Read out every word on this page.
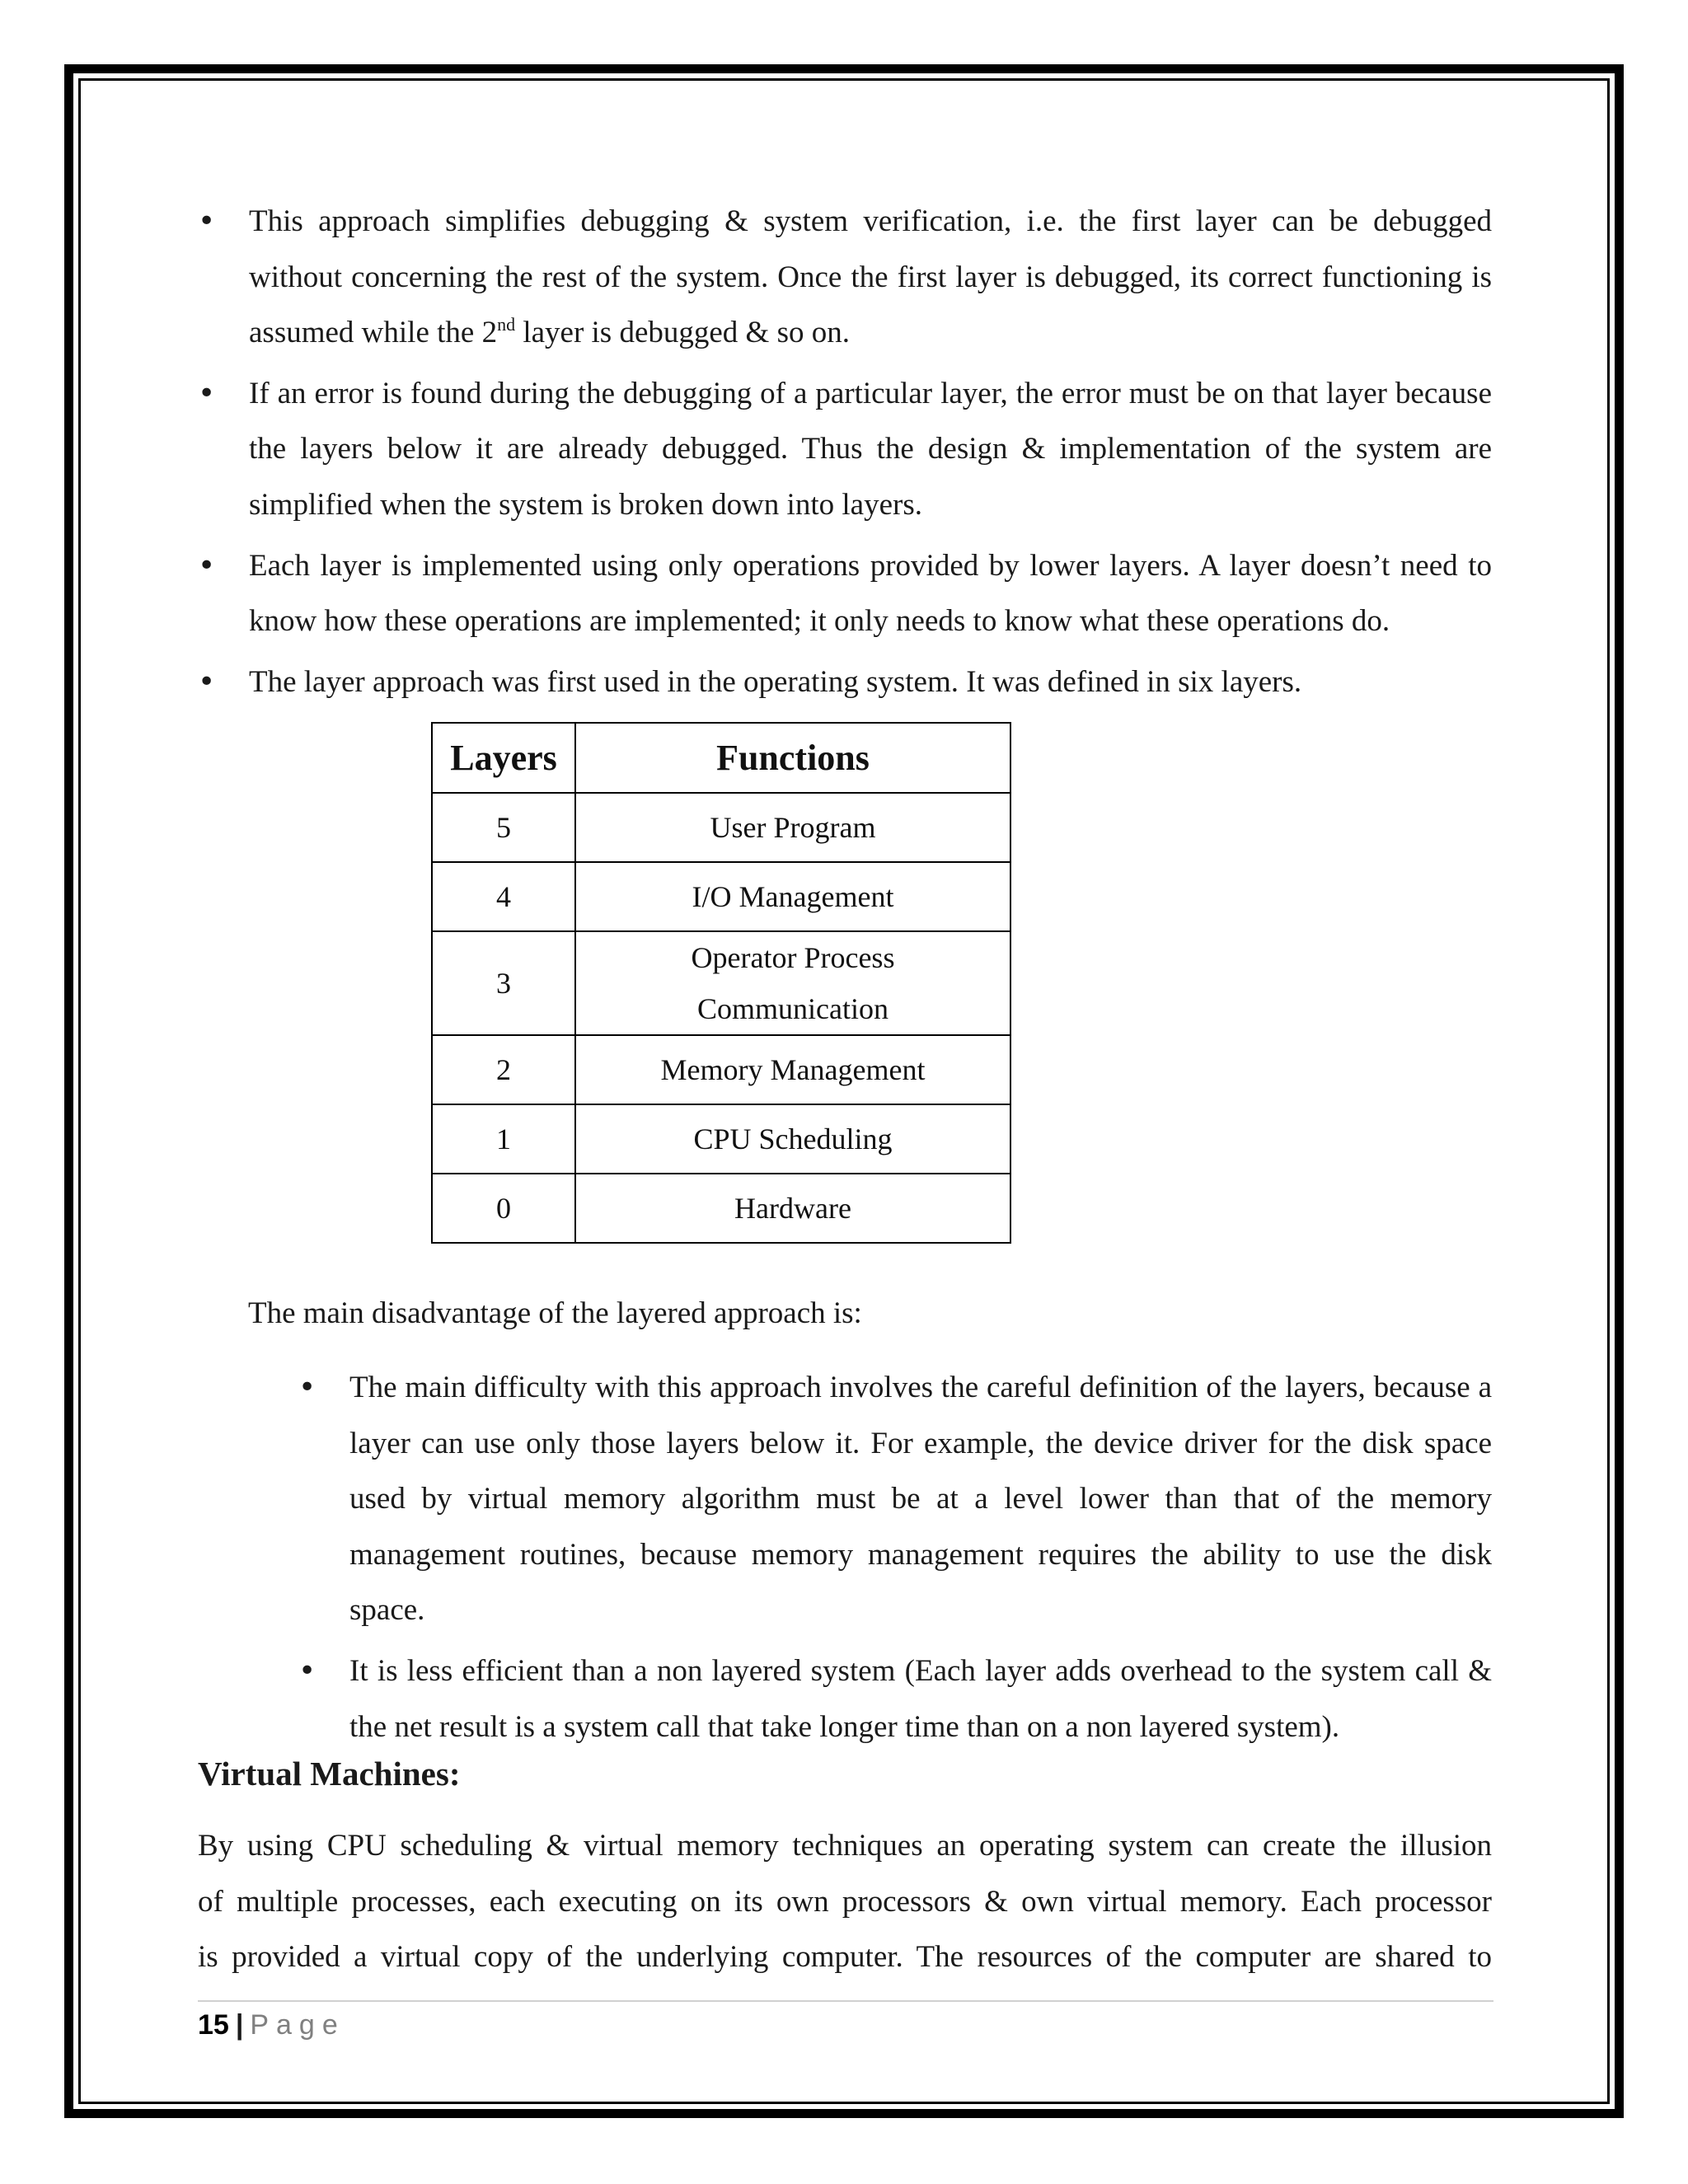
• This approach simplifies debugging & system verification, i.e. the first layer can be debugged without concerning the rest of the system. Once the first layer is debugged, its correct functioning is assumed while the 2nd layer is debugged & so on.
• If an error is found during the debugging of a particular layer, the error must be on that layer because the layers below it are already debugged. Thus the design & implementation of the system are simplified when the system is broken down into layers.
• Each layer is implemented using only operations provided by lower layers. A layer doesn’t need to know how these operations are implemented; it only needs to know what these operations do.
• The layer approach was first used in the operating system. It was defined in six layers.
Layers	Functions
5	User Program
4	I/O Management
3	Operator Process
Communication
2	Memory Management
1	CPU Scheduling
0	Hardware
The main disadvantage of the layered approach is:
• The main difficulty with this approach involves the careful definition of the layers, because a layer can use only those layers below it. For example, the device driver for the disk space used by virtual memory algorithm must be at a level lower than that of the memory management routines, because memory management requires the ability to use the disk space.
• It is less efficient than a non layered system (Each layer adds overhead to the system call & the net result is a system call that take longer time than on a non layered system).
Virtual Machines:
By using CPU scheduling & virtual memory techniques an operating system can create the illusion
of multiple processes, each executing on its own processors & own virtual memory. Each processor
is provided a virtual copy of the underlying computer. The resources of the computer are shared to
15 | Page
